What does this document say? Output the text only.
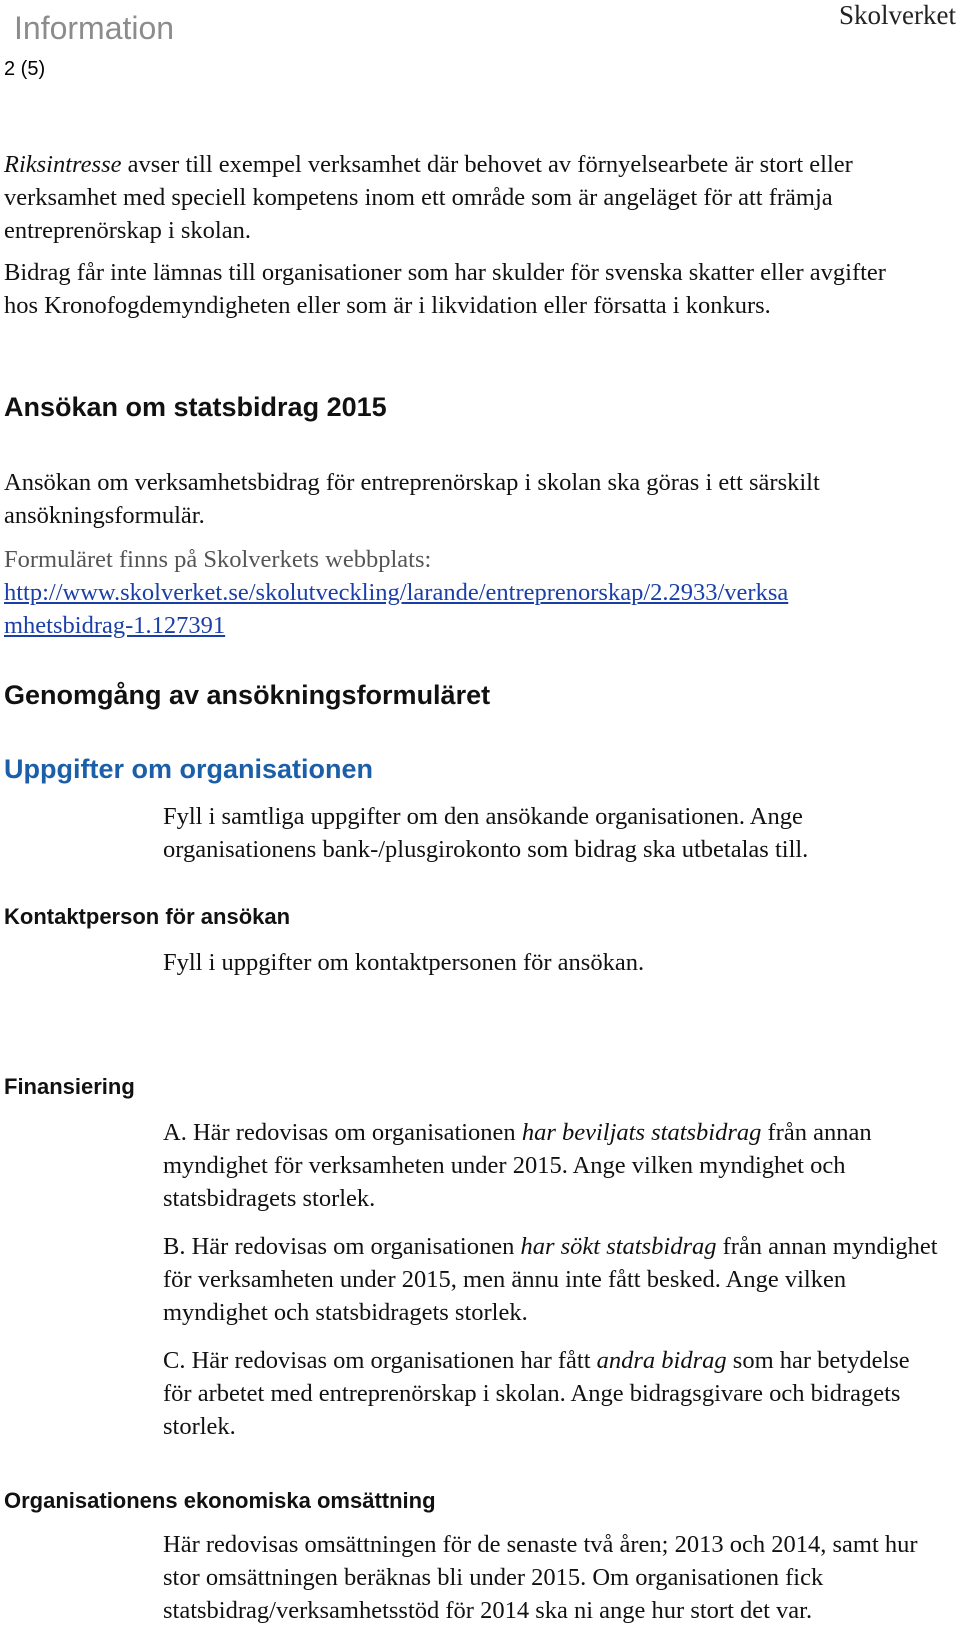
Information
2 (5)
Skolverket
Riksintresse avser till exempel verksamhet där behovet av förnyelsearbete är stort eller verksamhet med speciell kompetens inom ett område som är angeläget för att främja entreprenörskap i skolan.
Bidrag får inte lämnas till organisationer som har skulder för svenska skatter eller avgifter hos Kronofogdemyndigheten eller som är i likvidation eller försatta i konkurs.
Ansökan om statsbidrag 2015
Ansökan om verksamhetsbidrag för entreprenörskap i skolan ska göras i ett särskilt ansökningsformulär.
Formuläret finns på Skolverkets webbplats:
http://www.skolverket.se/skolutveckling/larande/entreprenorskap/2.2933/verksa
mhetsbidrag-1.127391
Genomgång av ansökningsformuläret
Uppgifter om organisationen
Fyll i samtliga uppgifter om den ansökande organisationen. Ange organisationens bank-/plusgirokonto som bidrag ska utbetalas till.
Kontaktperson för ansökan
Fyll i uppgifter om kontaktpersonen för ansökan.
Finansiering
A. Här redovisas om organisationen har beviljats statsbidrag från annan myndighet för verksamheten under 2015. Ange vilken myndighet och statsbidragets storlek.
B. Här redovisas om organisationen har sökt statsbidrag från annan myndighet för verksamheten under 2015, men ännu inte fått besked. Ange vilken myndighet och statsbidragets storlek.
C. Här redovisas om organisationen har fått andra bidrag som har betydelse för arbetet med entreprenörskap i skolan. Ange bidragsgivare och bidragets storlek.
Organisationens ekonomiska omsättning
Här redovisas omsättningen för de senaste två åren; 2013 och 2014, samt hur stor omsättningen beräknas bli under 2015. Om organisationen fick statsbidrag/verksamhetsstöd för 2014 ska ni ange hur stort det var.
